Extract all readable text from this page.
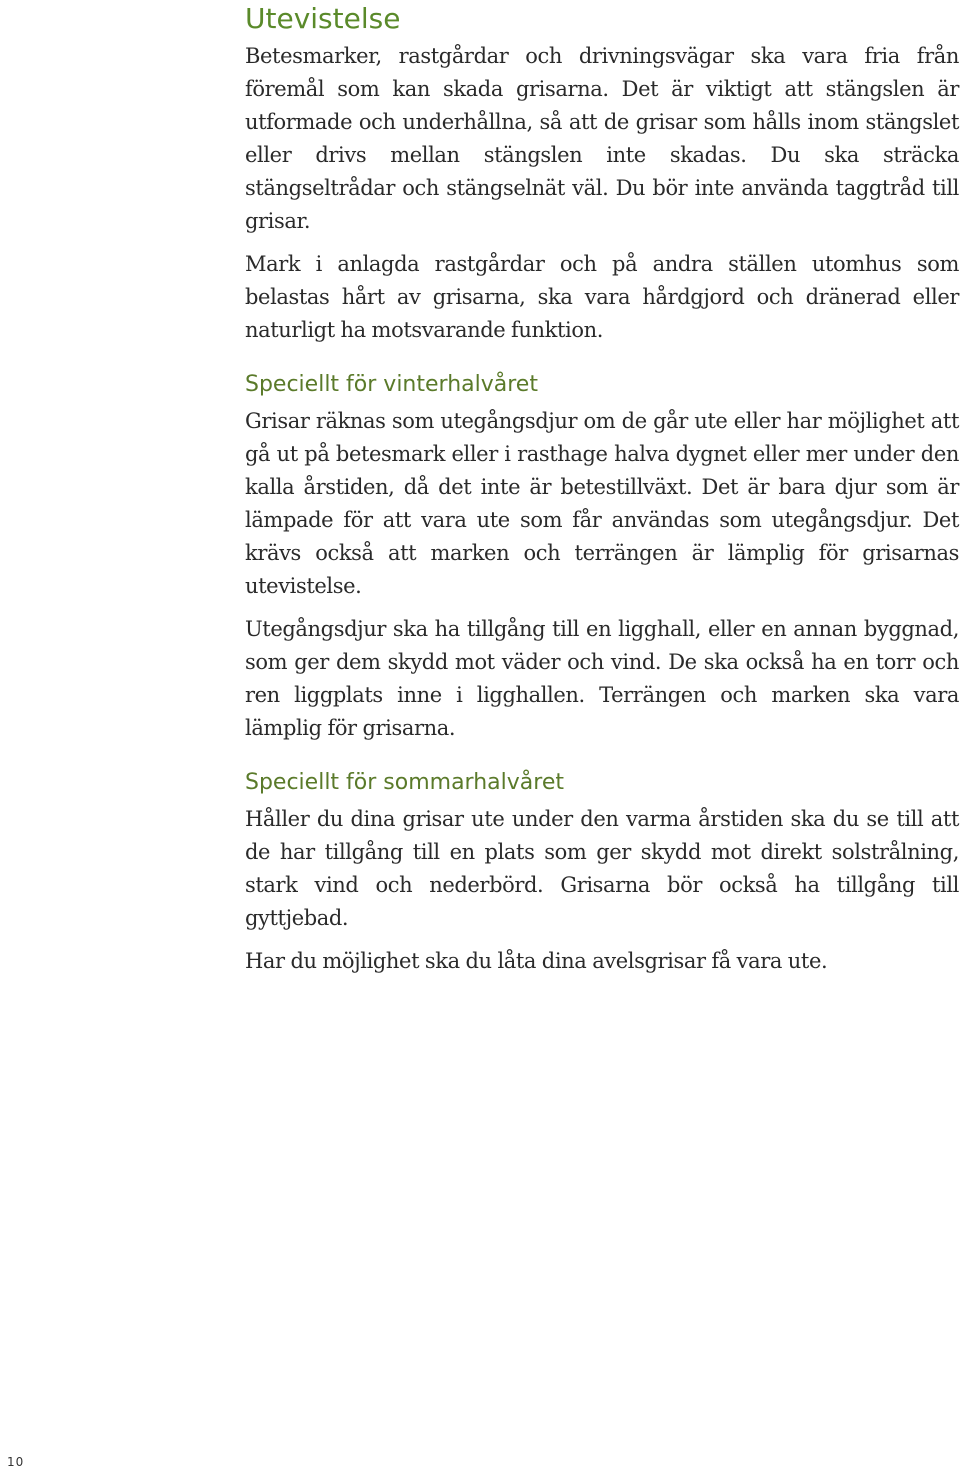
Utevistelse

Betesmarker, rastgårdar och drivningsvägar ska vara fria från föremål som kan skada grisarna. Det är viktigt att stängslen är utformade och underhållna, så att de grisar som hålls inom stängslet eller drivs mellan stängslen inte skadas. Du ska sträcka stängseltrådar och stängselnät väl. Du bör inte använda taggtråd till grisar.

Mark i anlagda rastgårdar och på andra ställen utomhus som belastas hårt av grisarna, ska vara hårdgjord och dränerad eller naturligt ha motsvarande funktion.

Speciellt för vinterhalvåret

Grisar räknas som utegångsdjur om de går ute eller har möjlighet att gå ut på betesmark eller i rasthage halva dygnet eller mer under den kalla årstiden, då det inte är betestillväxt. Det är bara djur som är lämpade för att vara ute som får användas som utegångsdjur. Det krävs också att marken och terrängen är lämplig för grisarnas utevistelse.

Utegångsdjur ska ha tillgång till en ligghall, eller en annan byggnad, som ger dem skydd mot väder och vind. De ska också ha en torr och ren liggplats inne i ligghallen. Terrängen och marken ska vara lämplig för grisarna.

Speciellt för sommarhalvåret

Håller du dina grisar ute under den varma årstiden ska du se till att de har tillgång till en plats som ger skydd mot direkt solstrålning, stark vind och nederbörd. Grisarna bör också ha tillgång till gyttjebad.

Har du möjlighet ska du låta dina avelsgrisar få vara ute.

10
